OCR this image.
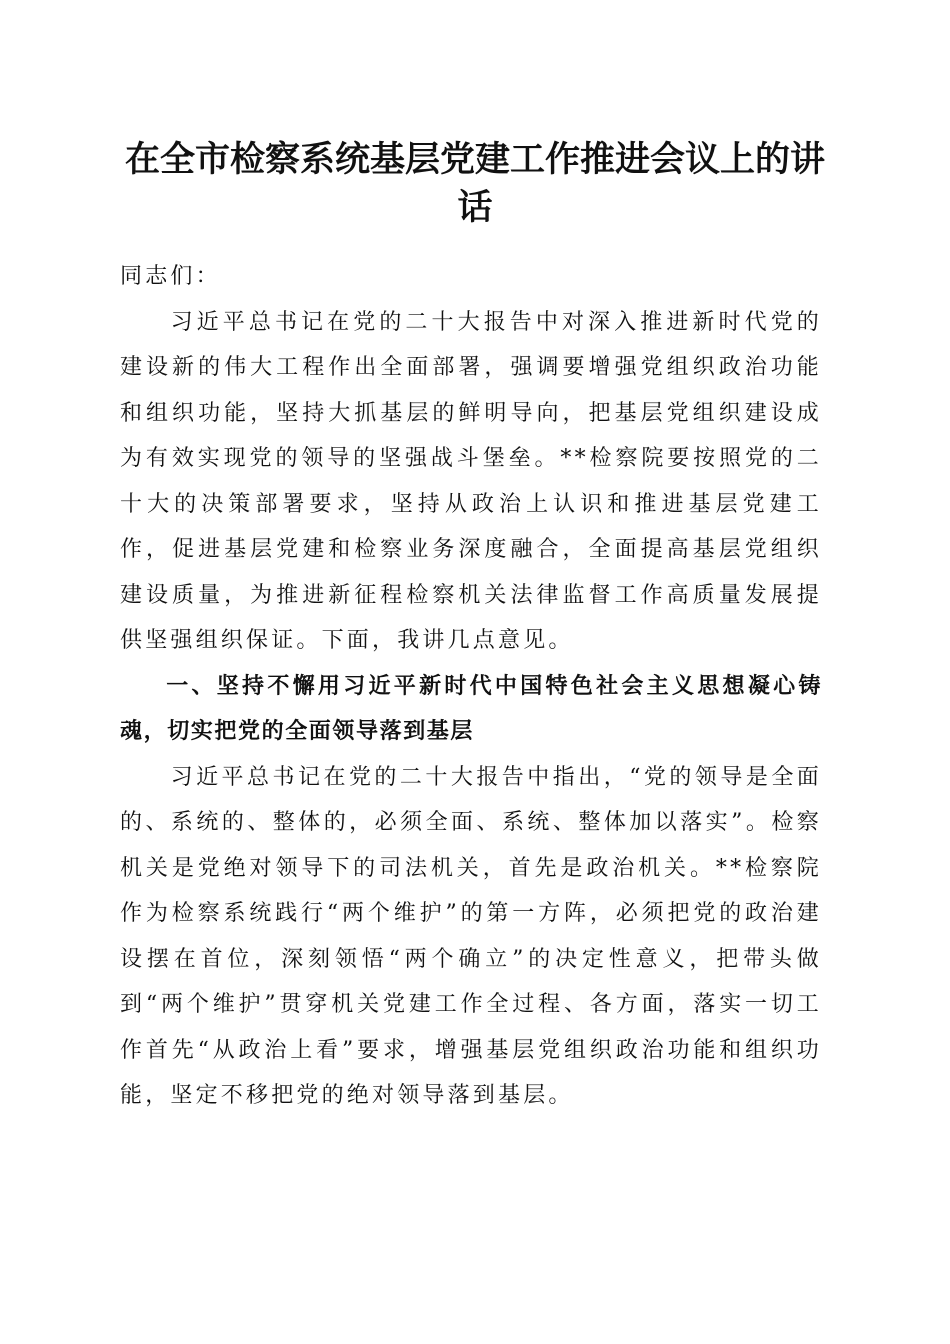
在全市检察系统基层党建工作推进会议上的讲话

同志们：

习近平总书记在党的二十大报告中对深入推进新时代党的建设新的伟大工程作出全面部署，强调要增强党组织政治功能和组织功能，坚持大抓基层的鲜明导向，把基层党组织建设成为有效实现党的领导的坚强战斗堡垒。**检察院要按照党的二十大的决策部署要求，坚持从政治上认识和推进基层党建工作，促进基层党建和检察业务深度融合，全面提高基层党组织建设质量，为推进新征程检察机关法律监督工作高质量发展提供坚强组织保证。下面，我讲几点意见。

一、坚持不懈用习近平新时代中国特色社会主义思想凝心铸魂，切实把党的全面领导落到基层

习近平总书记在党的二十大报告中指出，“党的领导是全面的、系统的、整体的，必须全面、系统、整体加以落实”。检察机关是党绝对领导下的司法机关，首先是政治机关。**检察院作为检察系统践行“两个维护”的第一方阵，必须把党的政治建设摆在首位，深刻领悟“两个确立”的决定性意义，把带头做到“两个维护”贯穿机关党建工作全过程、各方面，落实一切工作首先“从政治上看”要求，增强基层党组织政治功能和组织功能，坚定不移把党的绝对领导落到基层。
